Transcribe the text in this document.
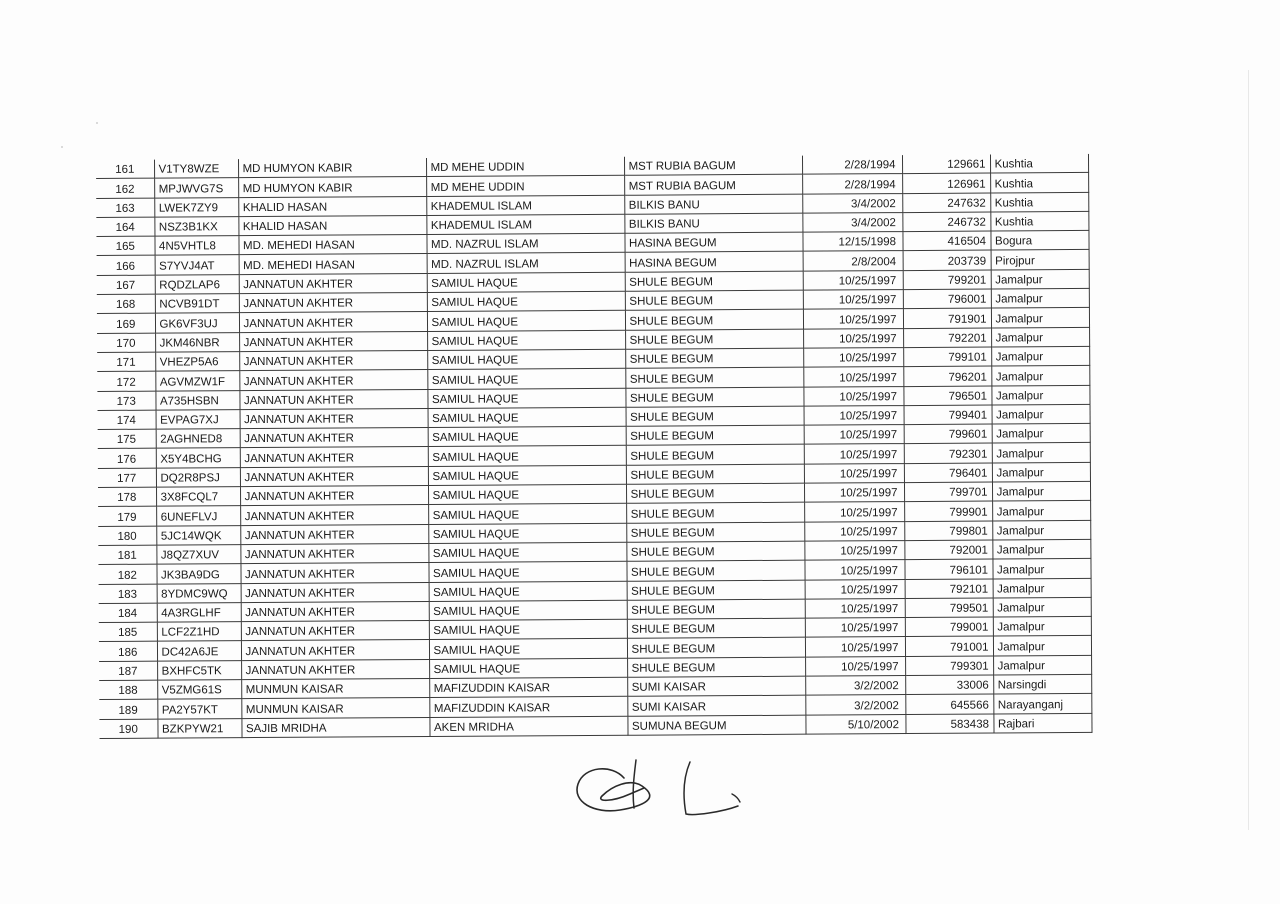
161	V1TY8WZE	MD HUMYON KABIR	MD MEHE UDDIN	MST RUBIA BAGUM	2/28/1994	129661	Kushtia
162	MPJWVG7S	MD HUMYON KABIR	MD MEHE UDDIN	MST RUBIA BAGUM	2/28/1994	126961	Kushtia
163	LWEK7ZY9	KHALID HASAN	KHADEMUL ISLAM	BILKIS BANU	3/4/2002	247632	Kushtia
164	NSZ3B1KX	KHALID HASAN	KHADEMUL ISLAM	BILKIS BANU	3/4/2002	246732	Kushtia
165	4N5VHTL8	MD. MEHEDI HASAN	MD. NAZRUL ISLAM	HASINA BEGUM	12/15/1998	416504	Bogura
166	S7YVJ4AT	MD. MEHEDI HASAN	MD. NAZRUL ISLAM	HASINA BEGUM	2/8/2004	203739	Pirojpur
167	RQDZLAP6	JANNATUN AKHTER	SAMIUL HAQUE	SHULE BEGUM	10/25/1997	799201	Jamalpur
168	NCVB91DT	JANNATUN AKHTER	SAMIUL HAQUE	SHULE BEGUM	10/25/1997	796001	Jamalpur
169	GK6VF3UJ	JANNATUN AKHTER	SAMIUL HAQUE	SHULE BEGUM	10/25/1997	791901	Jamalpur
170	JKM46NBR	JANNATUN AKHTER	SAMIUL HAQUE	SHULE BEGUM	10/25/1997	792201	Jamalpur
171	VHEZP5A6	JANNATUN AKHTER	SAMIUL HAQUE	SHULE BEGUM	10/25/1997	799101	Jamalpur
172	AGVMZW1F	JANNATUN AKHTER	SAMIUL HAQUE	SHULE BEGUM	10/25/1997	796201	Jamalpur
173	A735HSBN	JANNATUN AKHTER	SAMIUL HAQUE	SHULE BEGUM	10/25/1997	796501	Jamalpur
174	EVPAG7XJ	JANNATUN AKHTER	SAMIUL HAQUE	SHULE BEGUM	10/25/1997	799401	Jamalpur
175	2AGHNED8	JANNATUN AKHTER	SAMIUL HAQUE	SHULE BEGUM	10/25/1997	799601	Jamalpur
176	X5Y4BCHG	JANNATUN AKHTER	SAMIUL HAQUE	SHULE BEGUM	10/25/1997	792301	Jamalpur
177	DQ2R8PSJ	JANNATUN AKHTER	SAMIUL HAQUE	SHULE BEGUM	10/25/1997	796401	Jamalpur
178	3X8FCQL7	JANNATUN AKHTER	SAMIUL HAQUE	SHULE BEGUM	10/25/1997	799701	Jamalpur
179	6UNEFLVJ	JANNATUN AKHTER	SAMIUL HAQUE	SHULE BEGUM	10/25/1997	799901	Jamalpur
180	5JC14WQK	JANNATUN AKHTER	SAMIUL HAQUE	SHULE BEGUM	10/25/1997	799801	Jamalpur
181	J8QZ7XUV	JANNATUN AKHTER	SAMIUL HAQUE	SHULE BEGUM	10/25/1997	792001	Jamalpur
182	JK3BA9DG	JANNATUN AKHTER	SAMIUL HAQUE	SHULE BEGUM	10/25/1997	796101	Jamalpur
183	8YDMC9WQ	JANNATUN AKHTER	SAMIUL HAQUE	SHULE BEGUM	10/25/1997	792101	Jamalpur
184	4A3RGLHF	JANNATUN AKHTER	SAMIUL HAQUE	SHULE BEGUM	10/25/1997	799501	Jamalpur
185	LCF2Z1HD	JANNATUN AKHTER	SAMIUL HAQUE	SHULE BEGUM	10/25/1997	799001	Jamalpur
186	DC42A6JE	JANNATUN AKHTER	SAMIUL HAQUE	SHULE BEGUM	10/25/1997	791001	Jamalpur
187	BXHFC5TK	JANNATUN AKHTER	SAMIUL HAQUE	SHULE BEGUM	10/25/1997	799301	Jamalpur
188	V5ZMG61S	MUNMUN KAISAR	MAFIZUDDIN KAISAR	SUMI KAISAR	3/2/2002	33006	Narsingdi
189	PA2Y57KT	MUNMUN KAISAR	MAFIZUDDIN KAISAR	SUMI KAISAR	3/2/2002	645566	Narayanganj
190	BZKPYW21	SAJIB MRIDHA	AKEN MRIDHA	SUMUNA BEGUM	5/10/2002	583438	Rajbari
